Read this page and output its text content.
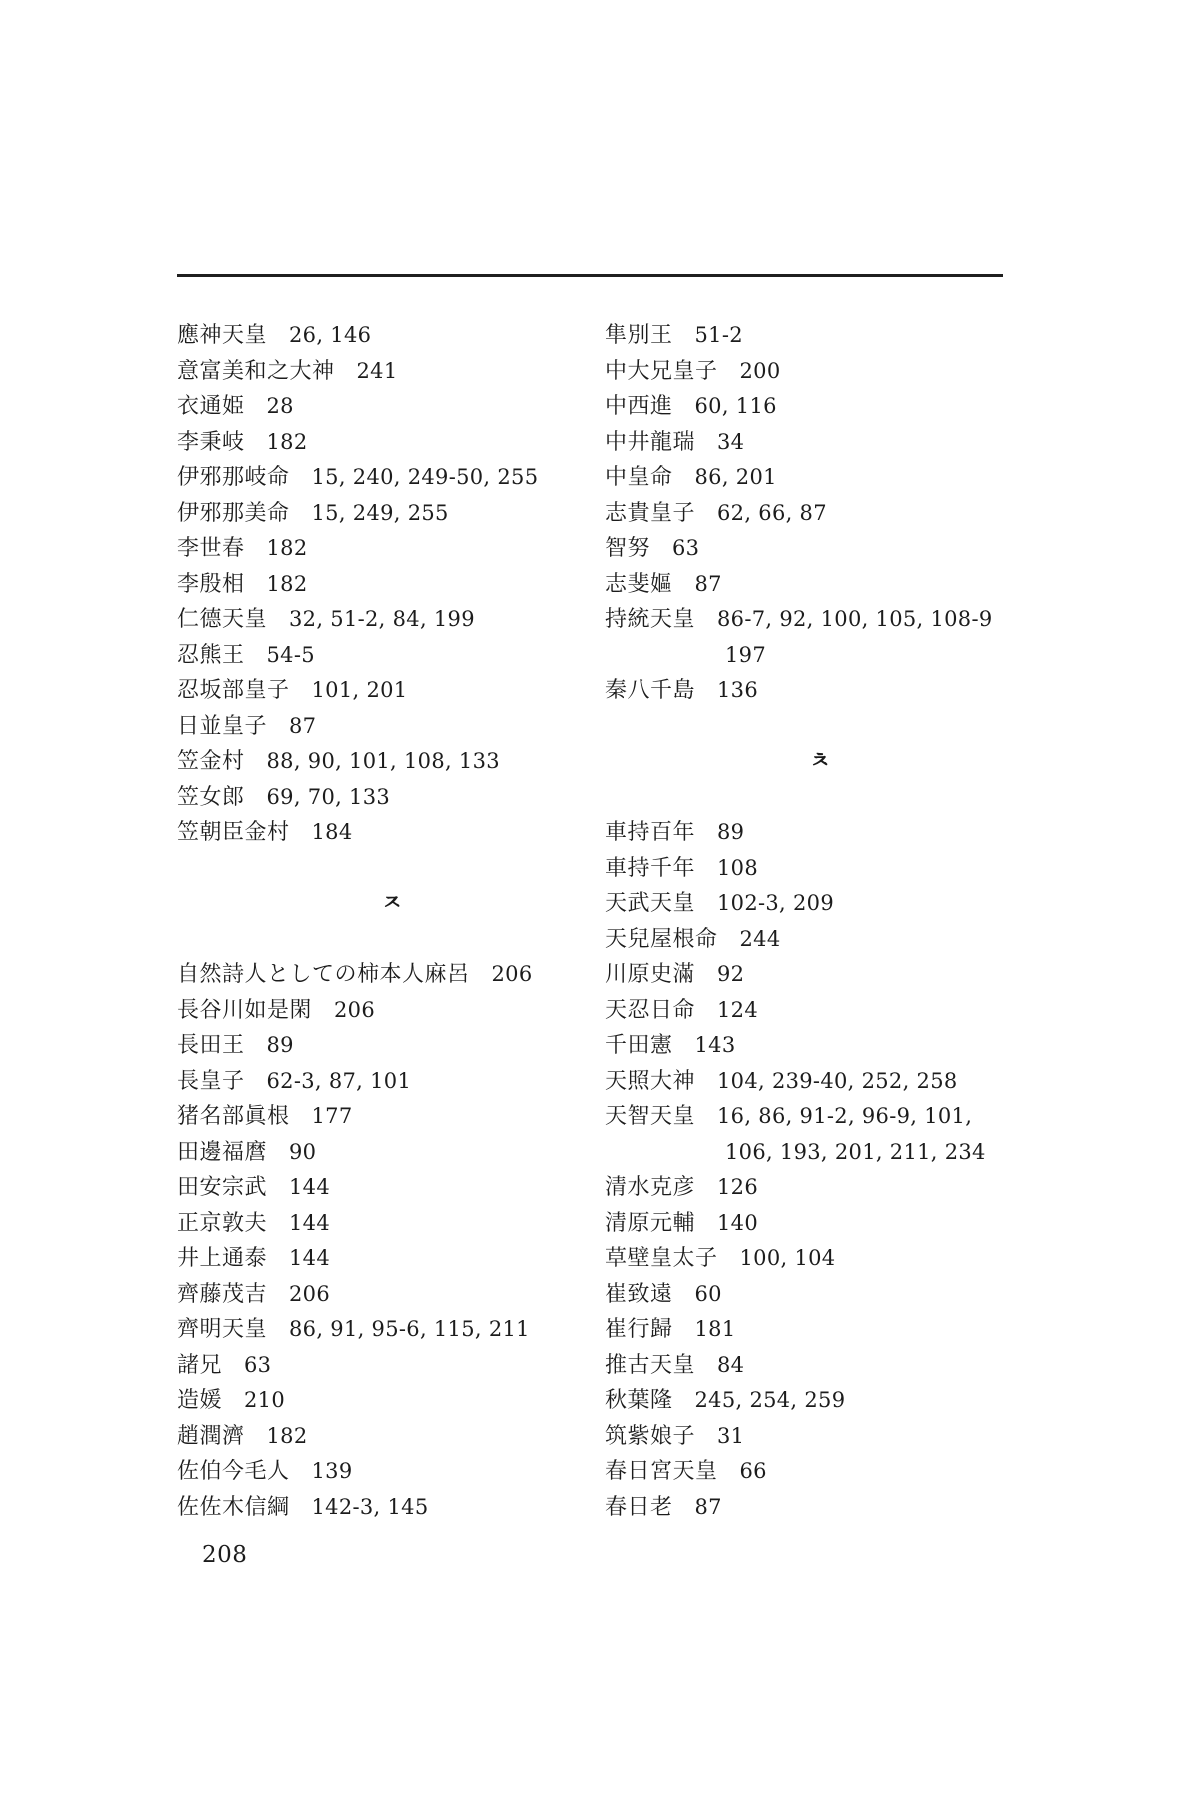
應神天皇 26, 146
意富美和之大神 241
衣通姫 28
李秉岐 182
伊邪那岐命 15, 240, 249-50, 255
伊邪那美命 15, 249, 255
李世春 182
李殷相 182
仁德天皇 32, 51-2, 84, 199
忍熊王 54-5
忍坂部皇子 101, 201
日並皇子 87
笠金村 88, 90, 101, 108, 133
笠女郎 69, 70, 133
笠朝臣金村 184
ㅈ
自然詩人としての柿本人麻呂 206
長谷川如是閑 206
長田王 89
長皇子 62-3, 87, 101
猪名部眞根 177
田邊福麿 90
田安宗武 144
正京敦夫 144
井上通泰 144
齊藤茂吉 206
齊明天皇 86, 91, 95-6, 115, 211
諸兄 63
造媛 210
趙潤濟 182
佐伯今毛人 139
佐佐木信綱 142-3, 145
隼別王 51-2
中大兄皇子 200
中西進 60, 116
中井龍瑞 34
中皇命 86, 201
志貴皇子 62, 66, 87
智努 63
志斐嫗 87
持統天皇 86-7, 92, 100, 105, 108-9
197
秦八千島 136
ㅊ
車持百年 89
車持千年 108
天武天皇 102-3, 209
天兒屋根命 244
川原史滿 92
天忍日命 124
千田憲 143
天照大神 104, 239-40, 252, 258
天智天皇 16, 86, 91-2, 96-9, 101,
106, 193, 201, 211, 234
清水克彦 126
清原元輔 140
草壁皇太子 100, 104
崔致遠 60
崔行歸 181
推古天皇 84
秋葉隆 245, 254, 259
筑紫娘子 31
春日宮天皇 66
春日老 87
208
